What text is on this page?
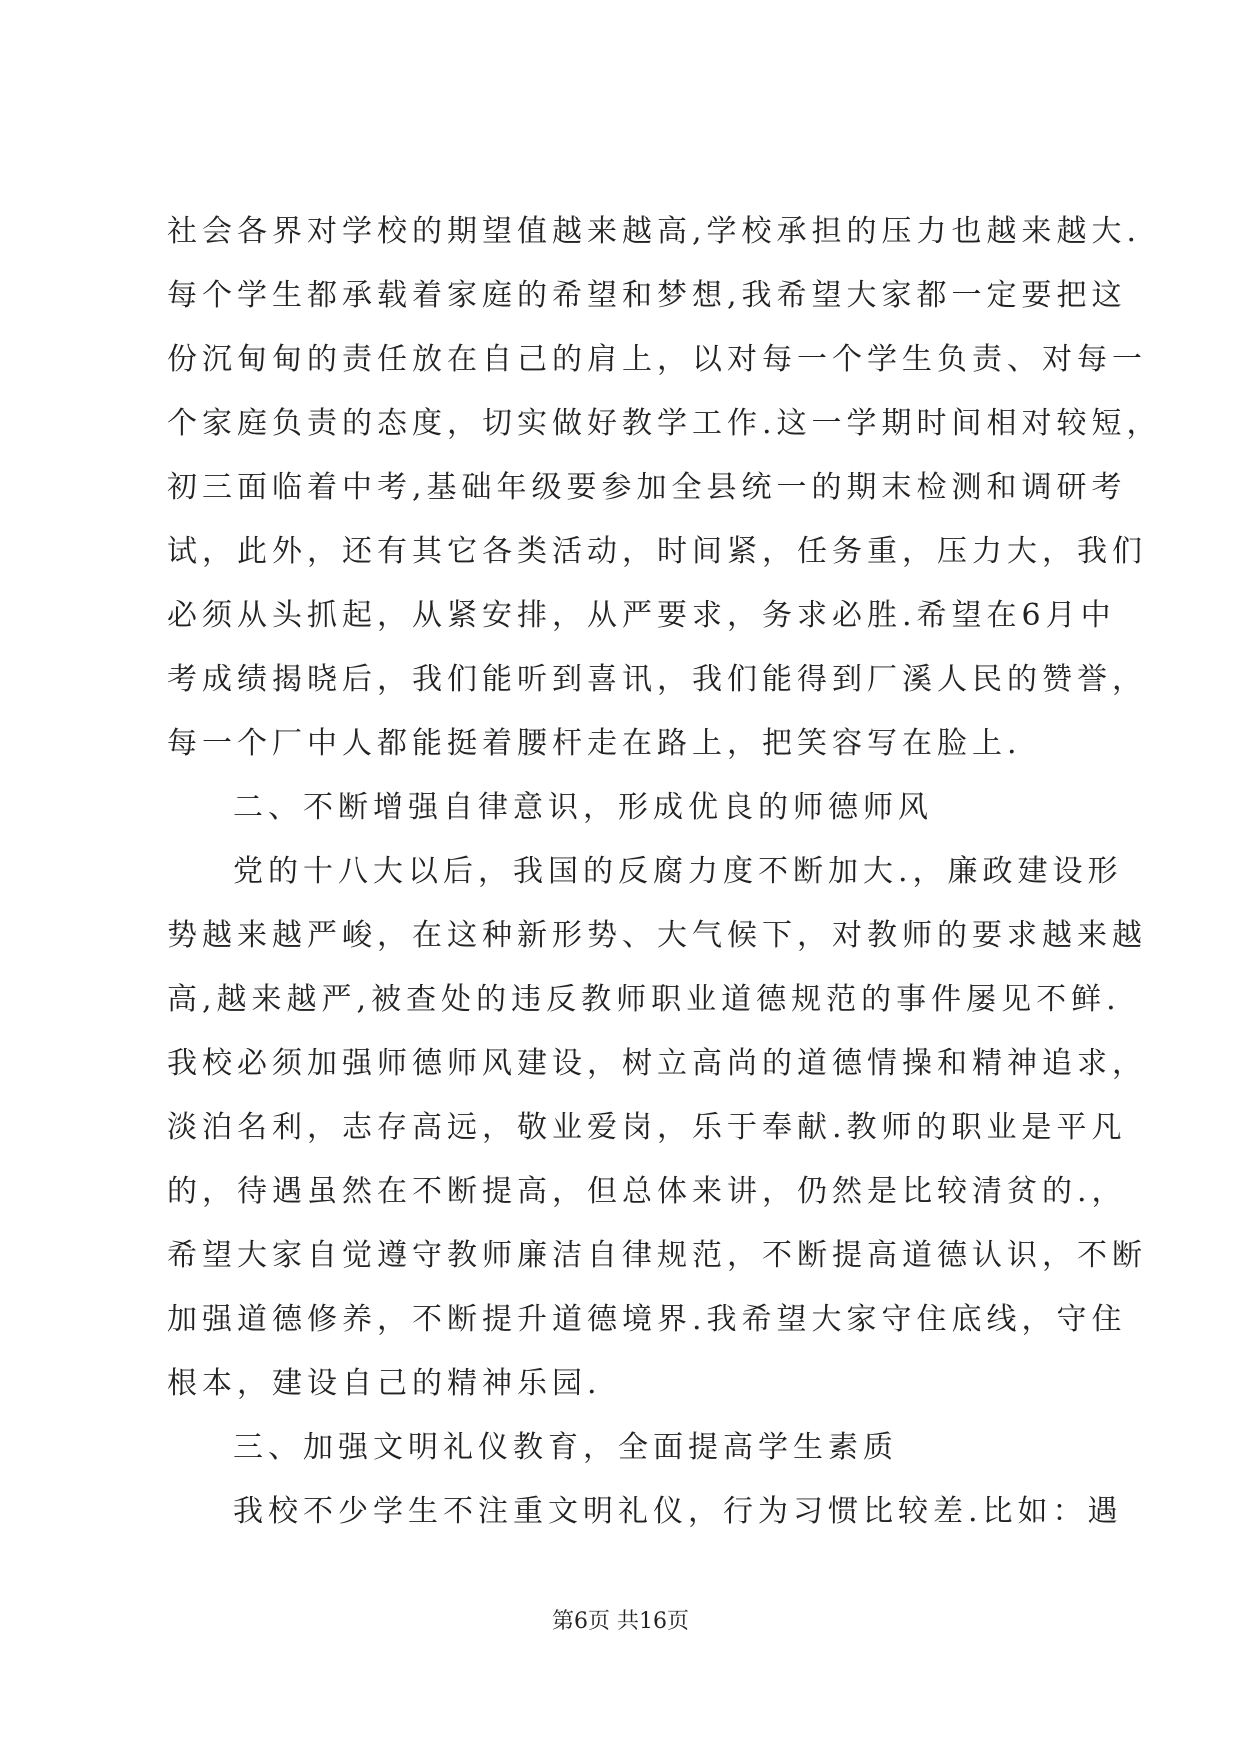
社会各界对学校的期望值越来越高,学校承担的压力也越来越大.
每个学生都承载着家庭的希望和梦想,我希望大家都一定要把这
份沉甸甸的责任放在自己的肩上，以对每一个学生负责、对每一
个家庭负责的态度，切实做好教学工作.这一学期时间相对较短，
初三面临着中考,基础年级要参加全县统一的期末检测和调研考
试，此外，还有其它各类活动，时间紧，任务重，压力大，我们
必须从头抓起，从紧安排，从严要求，务求必胜.希望在6月中
考成绩揭晓后，我们能听到喜讯，我们能得到厂溪人民的赞誉，
每一个厂中人都能挺着腰杆走在路上，把笑容写在脸上.
二、不断增强自律意识，形成优良的师德师风
党的十八大以后，我国的反腐力度不断加大.，廉政建设形
势越来越严峻，在这种新形势、大气候下，对教师的要求越来越
高,越来越严,被查处的违反教师职业道德规范的事件屡见不鲜.
我校必须加强师德师风建设，树立高尚的道德情操和精神追求，
淡泊名利，志存高远，敬业爱岗，乐于奉献.教师的职业是平凡
的，待遇虽然在不断提高，但总体来讲，仍然是比较清贫的.，
希望大家自觉遵守教师廉洁自律规范，不断提高道德认识，不断
加强道德修养，不断提升道德境界.我希望大家守住底线，守住
根本，建设自己的精神乐园.
三、加强文明礼仪教育，全面提高学生素质
我校不少学生不注重文明礼仪，行为习惯比较差.比如：遇
第6页 共16页
